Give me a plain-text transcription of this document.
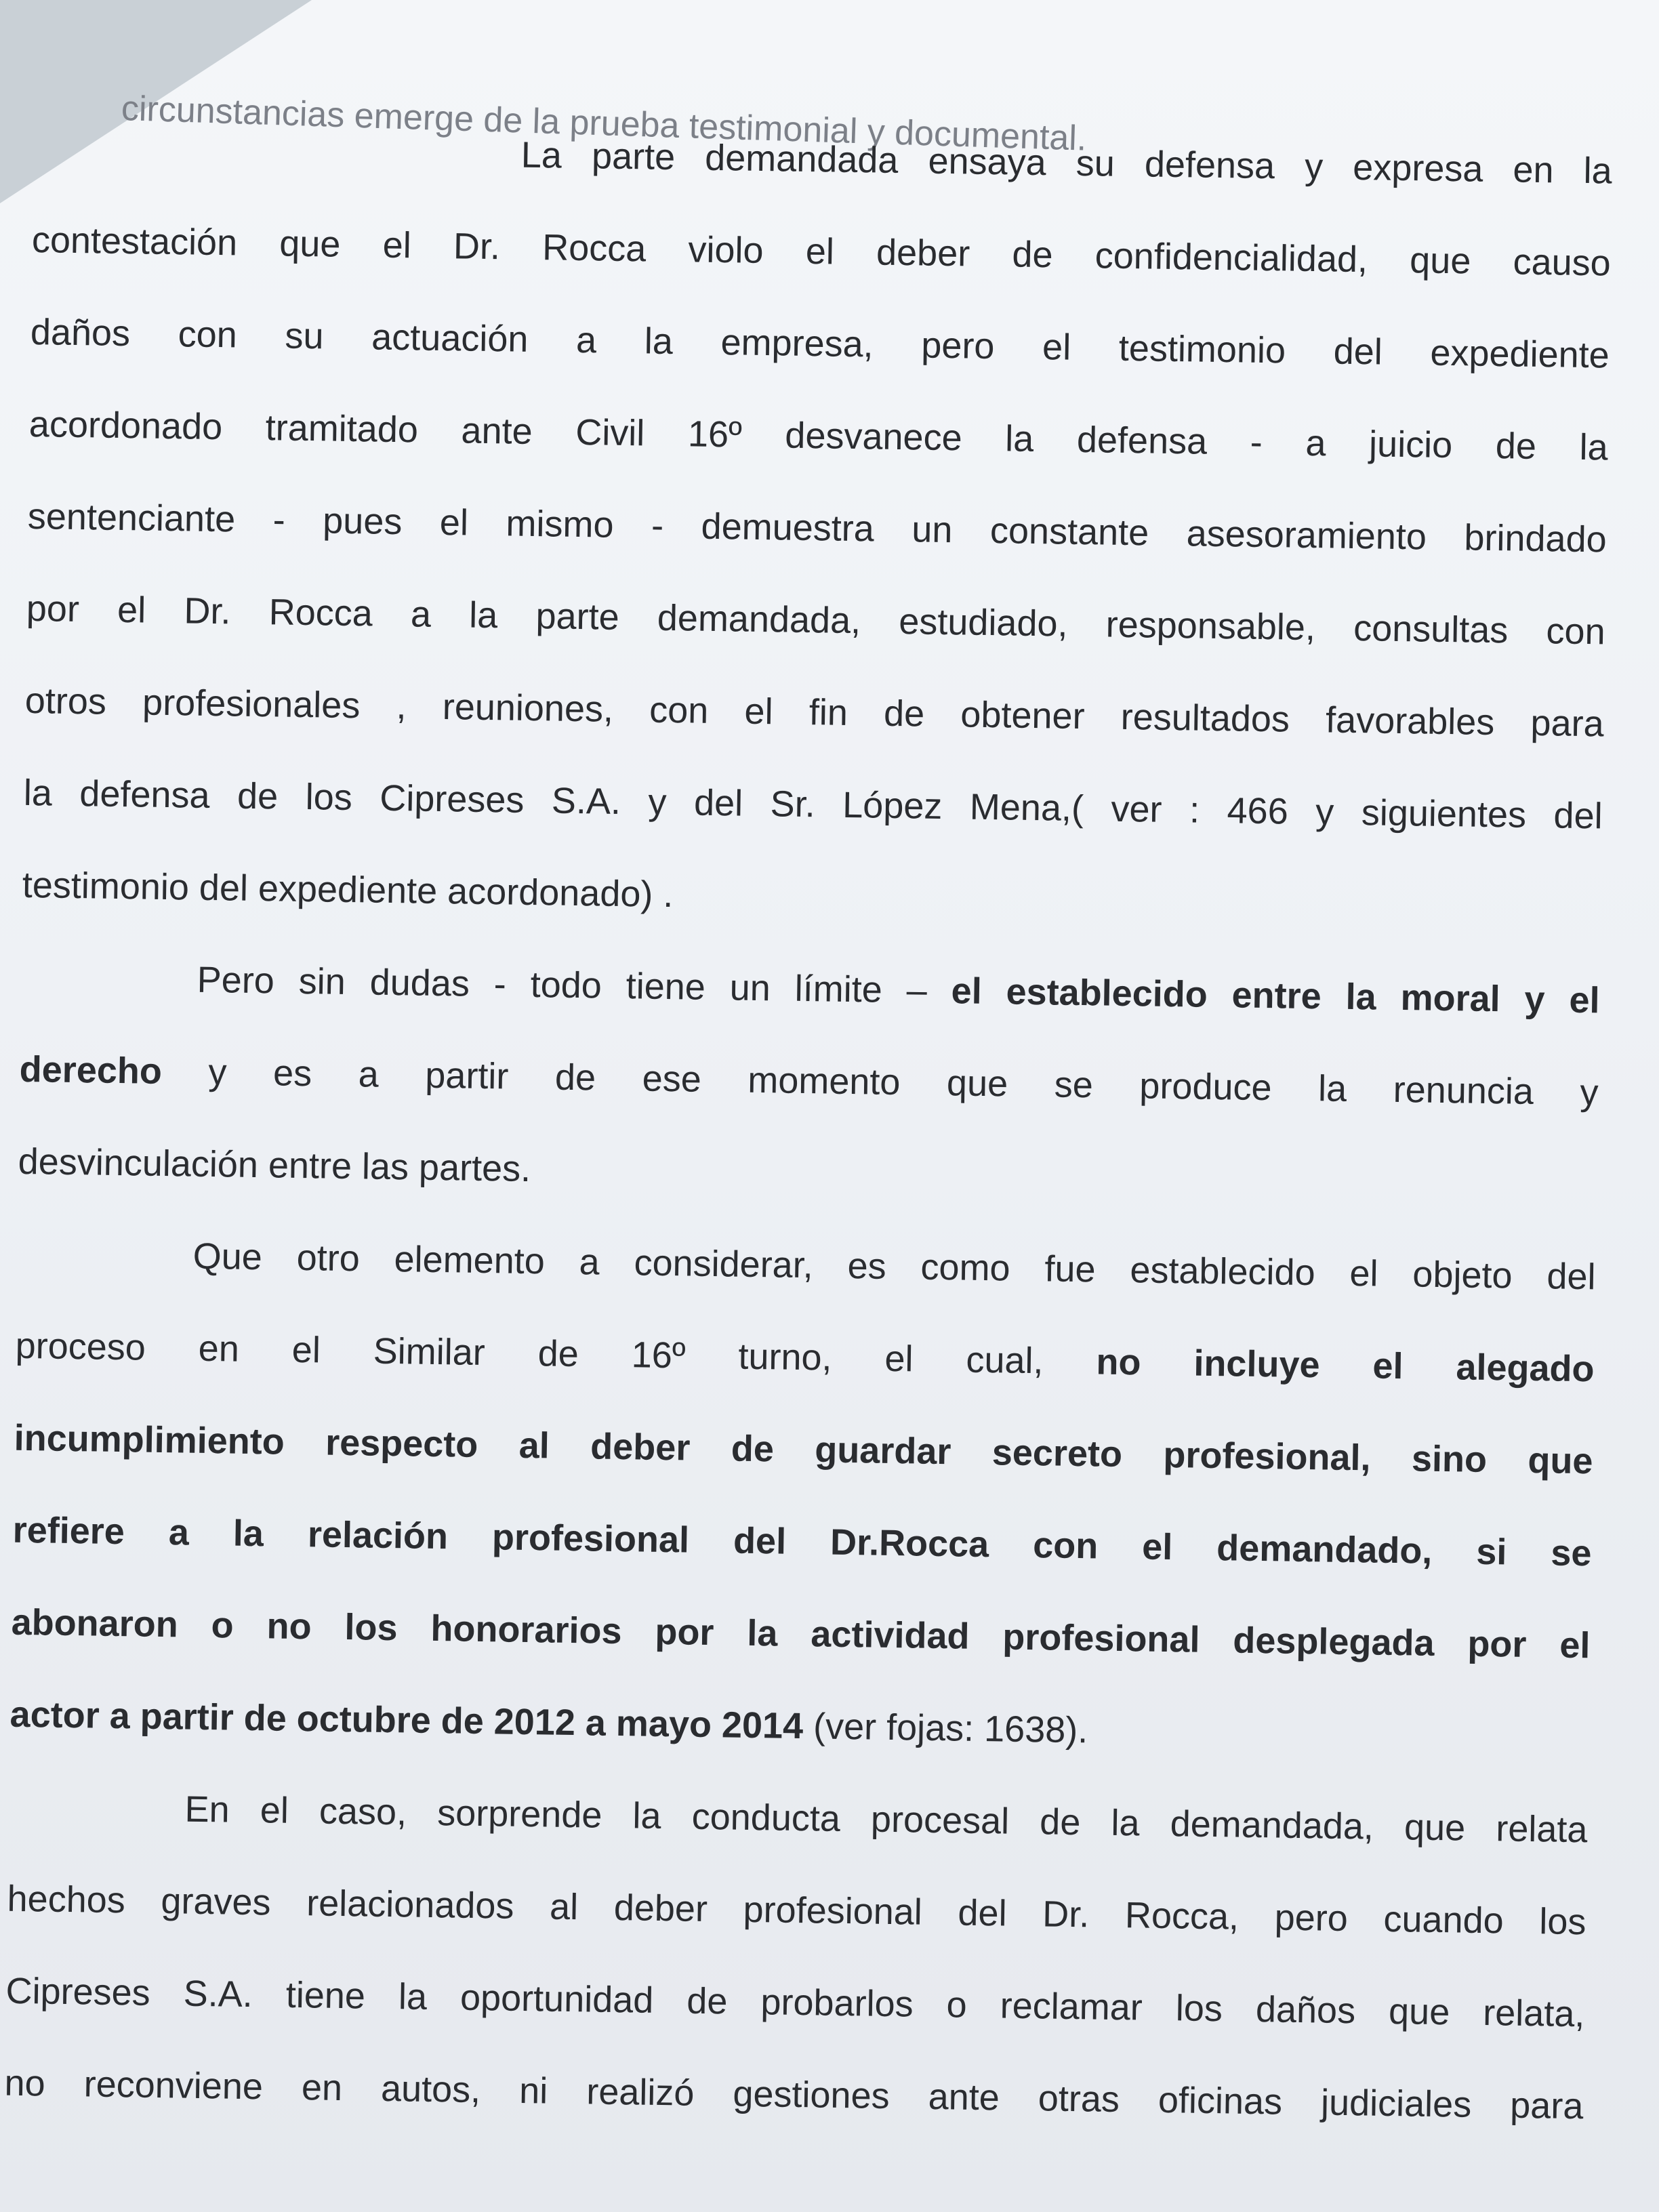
circunstancias emerge de la prueba testimonial y documental.
La parte demandada ensaya su defensa y expresa en la
contestación que el Dr. Rocca violo el deber de confidencialidad, que causo
daños con su actuación a la empresa, pero el testimonio del expediente
acordonado tramitado ante Civil 16º desvanece la defensa - a juicio de la
sentenciante - pues el mismo - demuestra un constante asesoramiento brindado
por el Dr. Rocca a la parte demandada, estudiado, responsable, consultas con
otros profesionales , reuniones, con el fin de obtener resultados favorables para
la defensa de los Cipreses S.A. y del Sr. López Mena,( ver : 466 y siguientes del
testimonio del expediente acordonado) .
Pero sin dudas - todo tiene un límite – el establecido entre la moral y el
derecho y es a partir de ese momento que se produce la renuncia y
desvinculación entre las partes.
Que otro elemento a considerar, es como fue establecido el objeto del
proceso en el Similar de 16º turno, el cual, no incluye el alegado
incumplimiento respecto al deber de guardar secreto profesional, sino que
refiere a la relación profesional del Dr.Rocca con el demandado, si se
abonaron o no los honorarios por la actividad profesional desplegada por el
actor a partir de octubre de 2012 a mayo 2014 (ver fojas: 1638).
En el caso, sorprende la conducta procesal de la demandada, que relata
hechos graves relacionados al deber profesional del Dr. Rocca, pero cuando los
Cipreses S.A. tiene la oportunidad de probarlos o reclamar los daños que relata,
no reconviene en autos, ni realizó gestiones ante otras oficinas judiciales para
